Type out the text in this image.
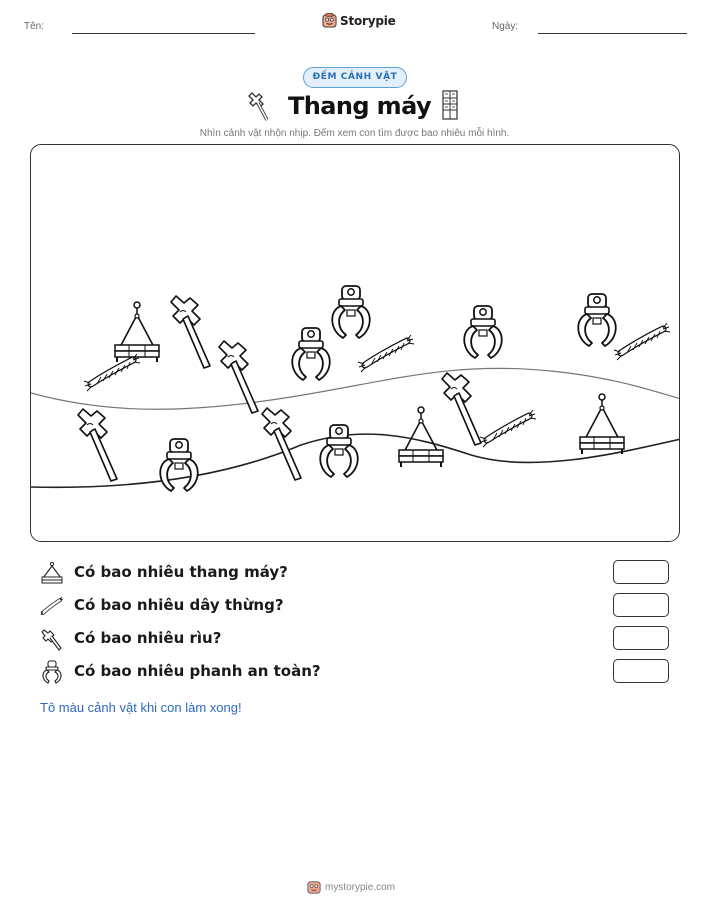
Tên:	Storypie	Ngày:
ĐẾM CẢNH VẬT
Thang máy
Nhìn cảnh vật nhộn nhịp. Đếm xem con tìm được bao nhiêu mỗi hình.
Có bao nhiêu thang máy?
Có bao nhiêu dây thừng?
Có bao nhiêu rìu?
Có bao nhiêu phanh an toàn?
Tô màu cảnh vật khi con làm xong!
mystorypie.com
